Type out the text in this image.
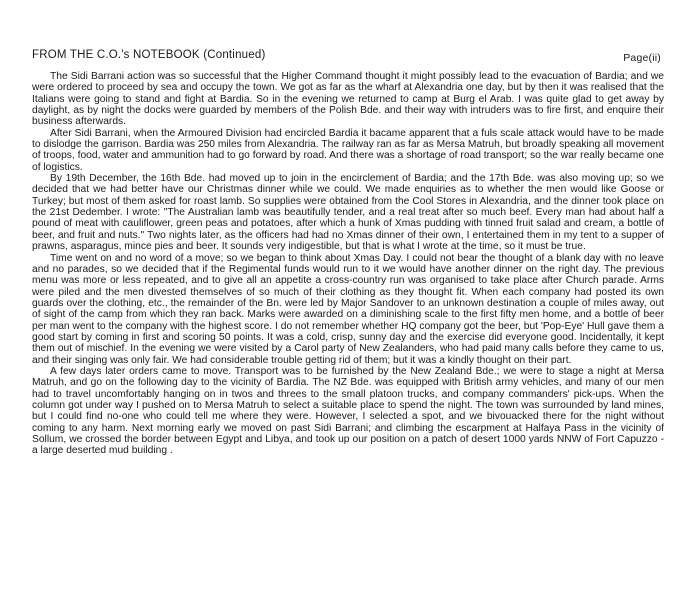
FROM THE C.O.'s NOTEBOOK (Continued)	Page(ii)

The Sidi Barrani action was so successful that the Higher Command thought it might possibly lead to the evacuation of Bardia; and we were ordered to proceed by sea and occupy the town. We got as far as the wharf at Alexandria one day, but by then it was realised that the Italians were going to stand and fight at Bardia. So in the evening we returned to camp at Burg el Arab. I was quite glad to get away by daylight, as by night the docks were guarded by members of the Polish Bde. and their way with intruders was to fire first, and enquire their business afterwards.

After Sidi Barrani, when the Armoured Division had encircled Bardia it bacame apparent that a fuls scale attack would have to be made to dislodge the garrison. Bardia was 250 miles from Alexandria. The railway ran as far as Mersa Matruh, but broadly speaking all movement of troops, food, water and ammunition had to go forward by road. And there was a shortage of road transport; so the war really became one of logistics.

By 19th December, the 16th Bde. had moved up to join in the encirclement of Bardia; and the 17th Bde. was also moving up; so we decided that we had better have our Christmas dinner while we could. We made enquiries as to whether the men would like Goose or Turkey; but most of them asked for roast lamb. So supplies were obtained from the Cool Stores in Alexandria, and the dinner took place on the 21st Dedember. I wrote: "The Australian lamb was beautifully tender, and a real treat after so much beef. Every man had about half a pound of meat with cauliflower, green peas and potatoes, after which a hunk of Xmas pudding with tinned fruit salad and cream, a bottle of beer, and fruit and nuts." Two nights later, as the officers had had no Xmas dinner of their own, I entertained them in my tent to a supper of prawns, asparagus, mince pies and beer. It sounds very indigestible, but that is what I wrote at the time, so it must be true.

Time went on and no word of a move; so we began to think about Xmas Day. I could not bear the thought of a blank day with no leave and no parades, so we decided that if the Regimental funds would run to it we would have another dinner on the right day. The previous menu was more or less repeated, and to give all an appetite a cross-country run was organised to take place after Church parade. Arms were piled and the men divested themselves of so much of their clothing as they thought fit. When each company had posted its own guards over the clothing, etc., the remainder of the Bn. were led by Major Sandover to an unknown destination a couple of miles away, out of sight of the camp from which they ran back. Marks were awarded on a diminishing scale to the first fifty men home, and a bottle of beer per man went to the company with the highest score. I do not remember whether HQ company got the beer, but 'Pop-Eye' Hull gave them a good start by coming in first and scoring 50 points. It was a cold, crisp, sunny day and the exercise did everyone good. Incidentally, it kept them out of mischief. In the evening we were visited by a Carol party of New Zealanders, who had paid many calls before they came to us, and their singing was only fair. We had considerable trouble getting rid of them; but it was a kindly thought on their part.

A few days later orders came to move. Transport was to be furnished by the New Zealand Bde.; we were to stage a night at Mersa Matruh, and go on the following day to the vicinity of Bardia. The NZ Bde. was equipped with British army vehicles, and many of our men had to travel uncomfortably hanging on in twos and threes to the small platoon trucks, and company commanders' pick-ups. When the column got under way I pushed on to Mersa Matruh to select a suitable place to spend the night. The town was surrounded by land mines, but I could find no-one who could tell me where they were. However, I selected a spot, and we bivouacked there for the night without coming to any harm. Next morning early we moved on past Sidi Barrani; and climbing the escarpment at Halfaya Pass in the vicinity of Sollum, we crossed the border between Egypt and Libya, and took up our position on a patch of desert 1000 yards NNW of Fort Capuzzo - a large deserted mud building .
